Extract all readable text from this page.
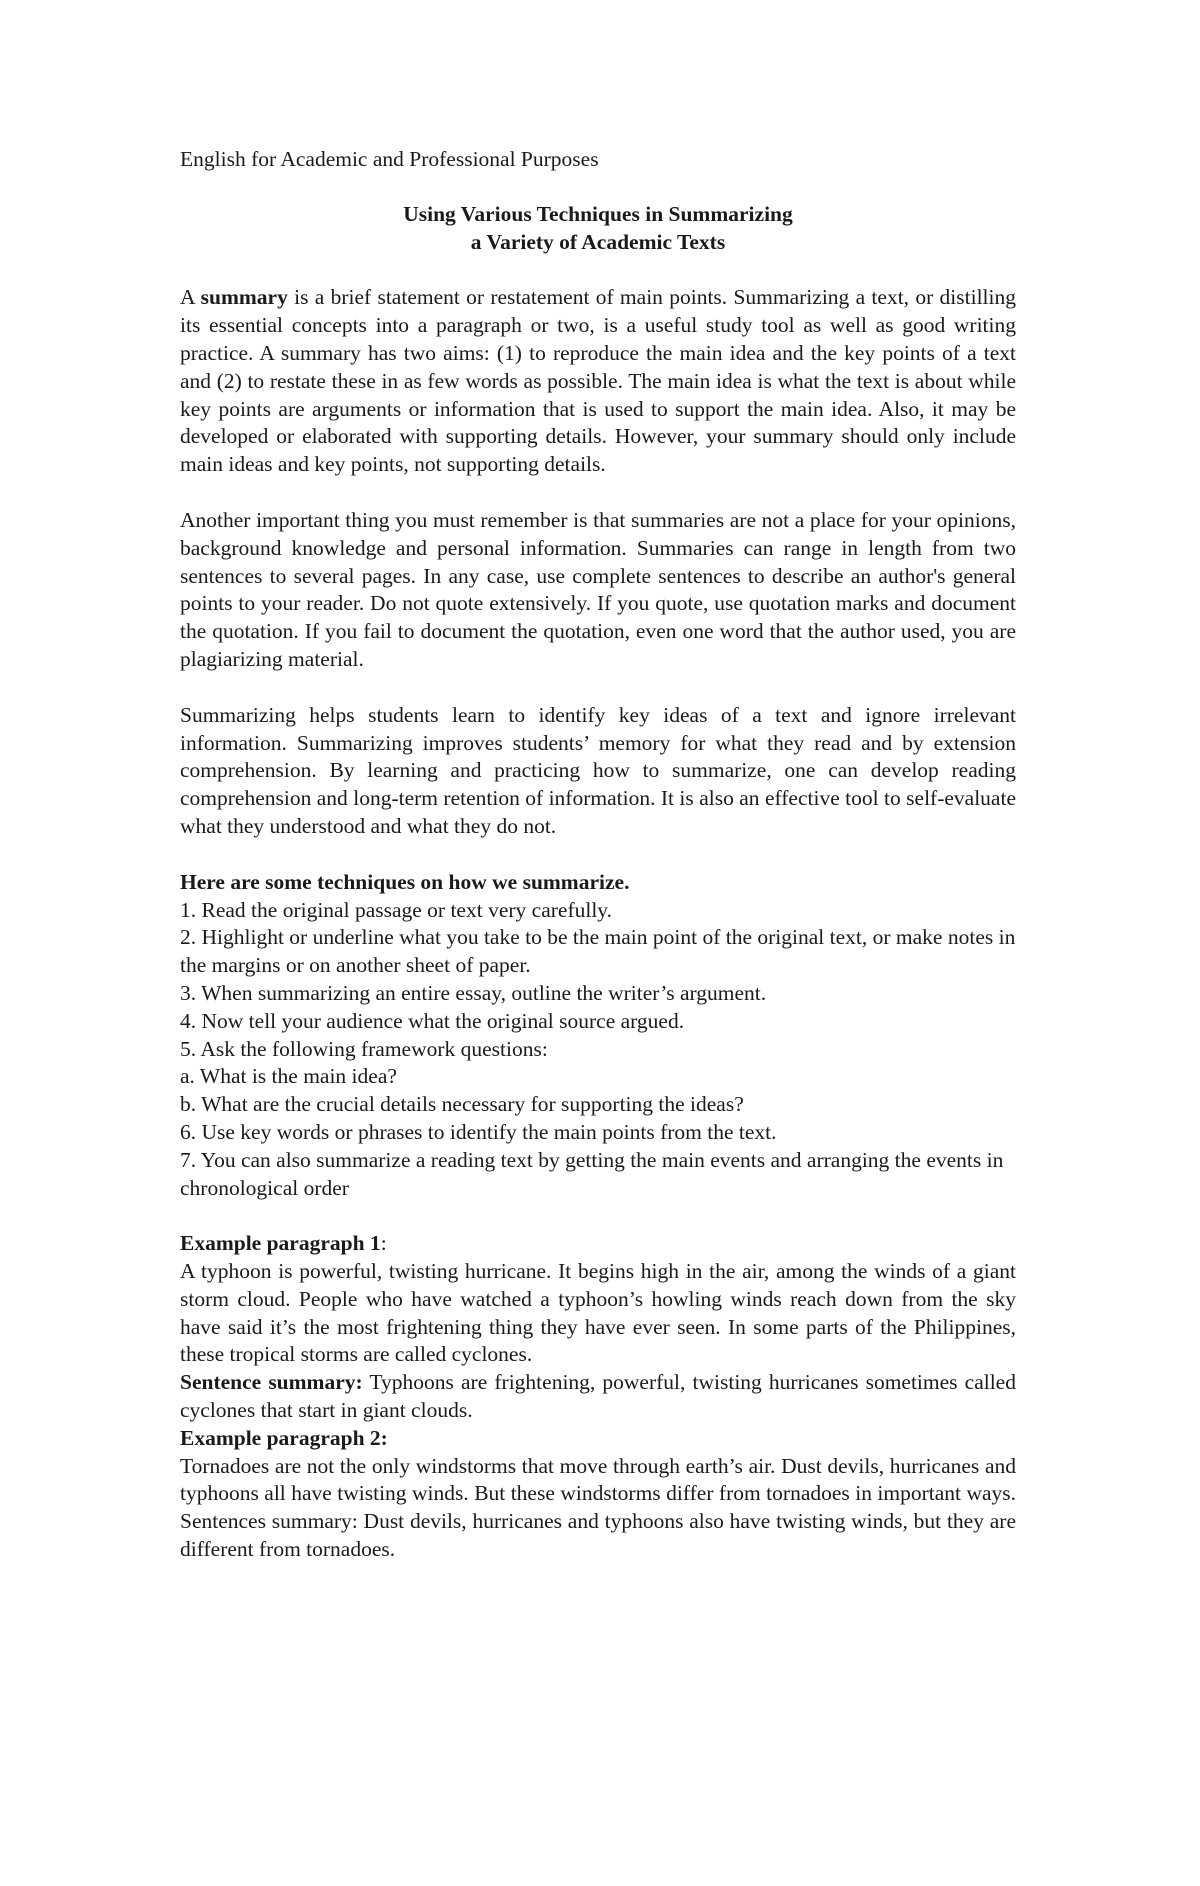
English for Academic and Professional Purposes

Using Various Techniques in Summarizing

a Variety of Academic Texts

A summary is a brief statement or restatement of main points. Summarizing a text, or distilling its essential concepts into a paragraph or two, is a useful study tool as well as good writing practice. A summary has two aims: (1) to reproduce the main idea and the key points of a text and (2) to restate these in as few words as possible. The main idea is what the text is about while key points are arguments or information that is used to support the main idea. Also, it may be developed or elaborated with supporting details. However, your summary should only include main ideas and key points, not supporting details.

Another important thing you must remember is that summaries are not a place for your opinions, background knowledge and personal information. Summaries can range in length from two sentences to several pages. In any case, use complete sentences to describe an author's general points to your reader. Do not quote extensively. If you quote, use quotation marks and document the quotation. If you fail to document the quotation, even one word that the author used, you are plagiarizing material.

Summarizing helps students learn to identify key ideas of a text and ignore irrelevant information. Summarizing improves students’ memory for what they read and by extension comprehension. By learning and practicing how to summarize, one can develop reading comprehension and long-term retention of information. It is also an effective tool to self-evaluate what they understood and what they do not.

Here are some techniques on how we summarize.

1. Read the original passage or text very carefully.

2. Highlight or underline what you take to be the main point of the original text, or make notes in the margins or on another sheet of paper.

3. When summarizing an entire essay, outline the writer’s argument.

4. Now tell your audience what the original source argued.

5. Ask the following framework questions:

a. What is the main idea?

b. What are the crucial details necessary for supporting the ideas?

6. Use key words or phrases to identify the main points from the text.

7. You can also summarize a reading text by getting the main events and arranging the events in chronological order

Example paragraph 1:

A typhoon is powerful, twisting hurricane. It begins high in the air, among the winds of a giant storm cloud. People who have watched a typhoon’s howling winds reach down from the sky have said it’s the most frightening thing they have ever seen. In some parts of the Philippines, these tropical storms are called cyclones.

Sentence summary: Typhoons are frightening, powerful, twisting hurricanes sometimes called cyclones that start in giant clouds.

Example paragraph 2:

Tornadoes are not the only windstorms that move through earth’s air. Dust devils, hurricanes and typhoons all have twisting winds. But these windstorms differ from tornadoes in important ways. Sentences summary: Dust devils, hurricanes and typhoons also have twisting winds, but they are different from tornadoes.
